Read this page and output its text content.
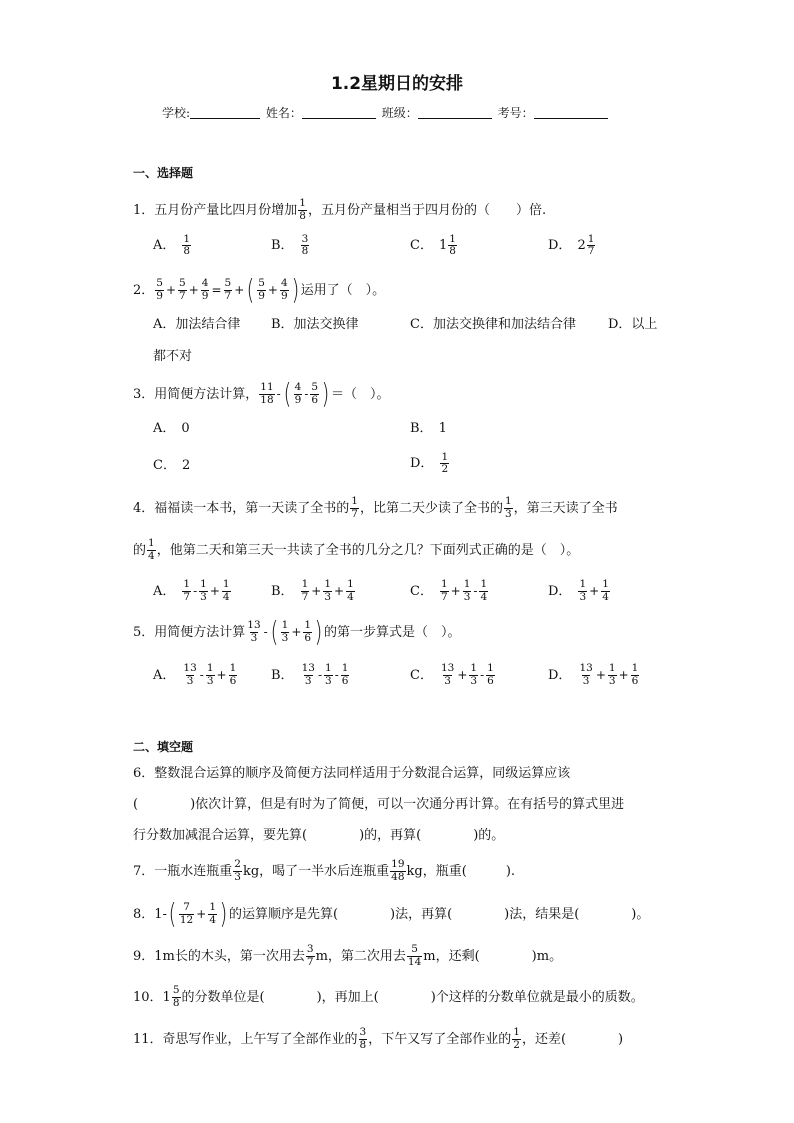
1.2星期日的安排
学校:	姓名：	班级：	考号：
一、选择题
1．五月份产量比四月份增加 $\frac{1}{8}$ ，五月份产量相当于四月份的（　　）倍.
A． $\frac{1}{8}$	B． $\frac{3}{8}$	C． $1 \frac{1}{8}$	D． $2 \frac{1}{7}$
2． $\frac{5}{9} + \frac{5}{7} + \frac{4}{9} = \frac{5}{7}$ + ( $\frac{5}{9} + \frac{4}{9}$ ) 运用了（　）。
A．加法结合律 B．加法交换律	C．加法交换律和加法结合律 D．以上
都不对
3．用简便方法计算， $\frac{11}{18}$ - ( $\frac{4}{9} - \frac{5}{6}$ ) ＝（　）。
A． 0	B． 1
C． 2	D． $\frac{1}{2}$
4．福福读一本书，第一天读了全书的 $\frac{1}{7}$ ，比第二天少读了全书的 $\frac{1}{3}$ ，第三天读了全书
的 $\frac{1}{4}$ ，他第二天和第三天一共读了全书的几分之几？下面列式正确的是（　）。
A． $\frac{1}{7} - \frac{1}{3} + \frac{1}{4}$	B． $\frac{1}{7} + \frac{1}{3} + \frac{1}{4}$	C． $\frac{1}{7} + \frac{1}{3} - \frac{1}{4}$	D． $\frac{1}{3} + \frac{1}{4}$
5．用简便方法计算 $\frac{13}{3}$ - ( $\frac{1}{3} + \frac{1}{6}$ ) 的第一步算式是（　）。
A． $\frac{13}{3} - \frac{1}{3} + \frac{1}{6}$	B． $\frac{13}{3} - \frac{1}{3} - \frac{1}{6}$	C． $\frac{13}{3} + \frac{1}{3} - \frac{1}{6}$	D． $\frac{13}{3} + \frac{1}{3} + \frac{1}{6}$
二、填空题
6．整数混合运算的顺序及简便方法同样适用于分数混合运算，同级运算应该
(　　　　)依次计算，但是有时为了简便，可以一次通分再计算。在有括号的算式里进
行分数加减混合运算，要先算(　　　　)的，再算(　　　　)的。
7．一瓶水连瓶重 $\frac{2}{3}$ kg，喝了一半水后连瓶重 $\frac{19}{48}$ kg，瓶重(　　　).
8．1- ( $\frac{7}{12} + \frac{1}{4}$ ) 的运算顺序是先算(　　　　)法，再算(　　　　)法，结果是(　　　　)。
9．1m长的木头，第一次用去 $\frac{3}{7}$ m，第二次用去 $\frac{5}{14}$ m，还剩(　　　　)m。
10．$1 \frac{5}{8}$ 的分数单位是(　　　　)，再加上(　　　　)个这样的分数单位就是最小的质数。
11．奇思写作业，上午写了全部作业的 $\frac{3}{8}$ ，下午又写了全部作业的 $\frac{1}{2}$ ，还差(　　　　)
